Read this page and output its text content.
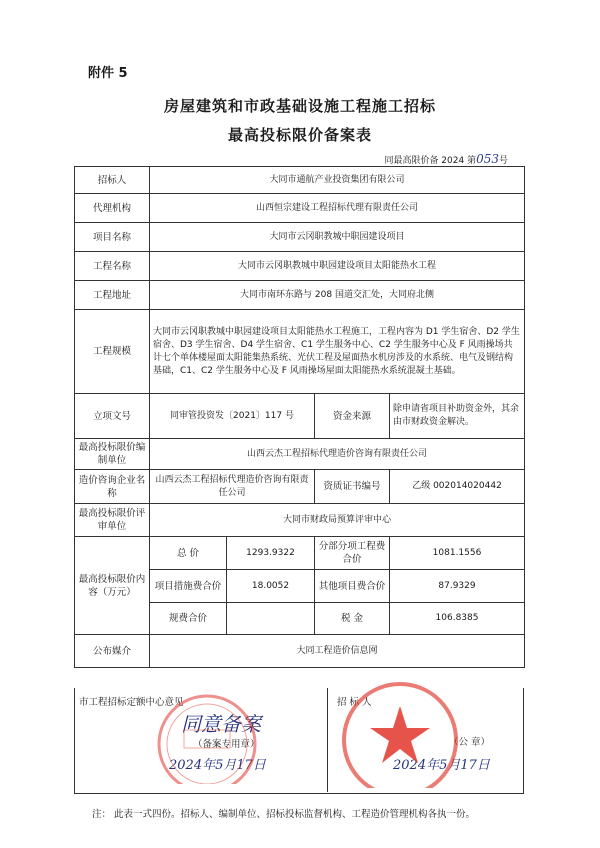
附件 5
房屋建筑和市政基础设施工程施工招标
最高投标限价备案表
同最高限价备 2024 第053号
招标人	大同市通航产业投资集团有限公司			
代理机构	山西恒宗建设工程招标代理有限责任公司			
项目名称	大同市云冈职教城中职园建设项目			
工程名称	大同市云冈职教城中职园建设项目太阳能热水工程			
工程地址	大同市南环东路与 208 国道交汇处，大同府北侧			
工程规模	大同市云冈职教城中职园建设项目太阳能热水工程施工，工程内容为 D1 学生宿舍、D2 学生宿舍、D3 学生宿舍、D4 学生宿舍、C1 学生服务中心、C2 学生服务中心及 F 风雨操场共计七个单体楼屋面太阳能集热系统、光伏工程及屋面热水机房涉及的水系统、电气及钢结构基础，C1、C2 学生服务中心及 F 风雨操场屋面太阳能热水系统混凝土基础。			
立项文号	同审管投资发〔2021〕117 号		资金来源	除申请省项目补助资金外，其余由市财政资金解决。
最高投标限价编制单位	山西云杰工程招标代理造价咨询有限责任公司			
造价咨询企业名称	山西云杰工程招标代理造价咨询有限责任公司		资质证书编号	乙级 002014020442
最高投标限价评审单位	大同市财政局预算评审中心			
最高投标限价内容（万元）	总 价	1293.9322	分部分项工程费合价	1081.1556
	项目措施费合价	18.0052	其他项目费合价	87.9329
	规费合价		税 金	106.8385
公布媒介	大同工程造价信息网			
市工程招标定额中心意见
同意备案
（备案专用章）
2024年5月17日
招 标 人
（公 章）
2024年5月17日
注： 此表一式四份。招标人、编制单位、招标投标监督机构、工程造价管理机构各执一份。
